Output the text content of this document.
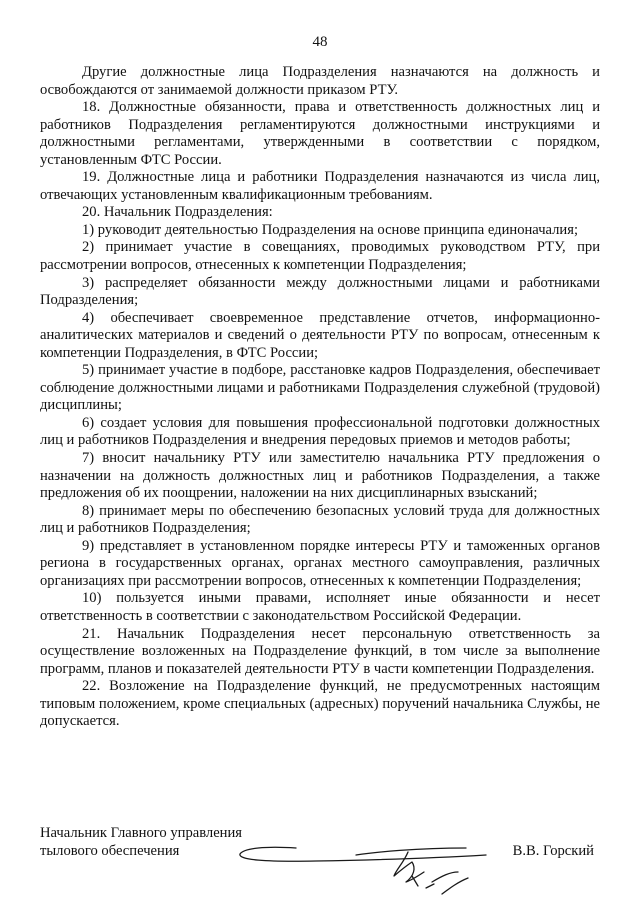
48

Другие должностные лица Подразделения назначаются на должность и освобождаются от занимаемой должности приказом РТУ.

18. Должностные обязанности, права и ответственность должностных лиц и работников Подразделения регламентируются должностными инструкциями и должностными регламентами, утвержденными в соответствии с порядком, установленным ФТС России.

19. Должностные лица и работники Подразделения назначаются из числа лиц, отвечающих установленным квалификационным требованиям.

20. Начальник Подразделения:

1) руководит деятельностью Подразделения на основе принципа единоначалия;

2) принимает участие в совещаниях, проводимых руководством РТУ, при рассмотрении вопросов, отнесенных к компетенции Подразделения;

3) распределяет обязанности между должностными лицами и работниками Подразделения;

4) обеспечивает своевременное представление отчетов, информационно-аналитических материалов и сведений о деятельности РТУ по вопросам, отнесенным к компетенции Подразделения, в ФТС России;

5) принимает участие в подборе, расстановке кадров Подразделения, обеспечивает соблюдение должностными лицами и работниками Подразделения служебной (трудовой) дисциплины;

6) создает условия для повышения профессиональной подготовки должностных лиц и работников Подразделения и внедрения передовых приемов и методов работы;

7) вносит начальнику РТУ или заместителю начальника РТУ предложения о назначении на должность должностных лиц и работников Подразделения, а также предложения об их поощрении, наложении на них дисциплинарных взысканий;

8) принимает меры по обеспечению безопасных условий труда для должностных лиц и работников Подразделения;

9) представляет в установленном порядке интересы РТУ и таможенных органов региона в государственных органах, органах местного самоуправления, различных организациях при рассмотрении вопросов, отнесенных к компетенции Подразделения;

10) пользуется иными правами, исполняет иные обязанности и несет ответственность в соответствии с законодательством Российской Федерации.

21. Начальник Подразделения несет персональную ответственность за осуществление возложенных на Подразделение функций, в том числе за выполнение программ, планов и показателей деятельности РТУ в части компетенции Подразделения.

22. Возложение на Подразделение функций, не предусмотренных настоящим типовым положением, кроме специальных (адресных) поручений начальника Службы, не допускается.

Начальник Главного управления
тылового обеспечения	В.В. Горский
